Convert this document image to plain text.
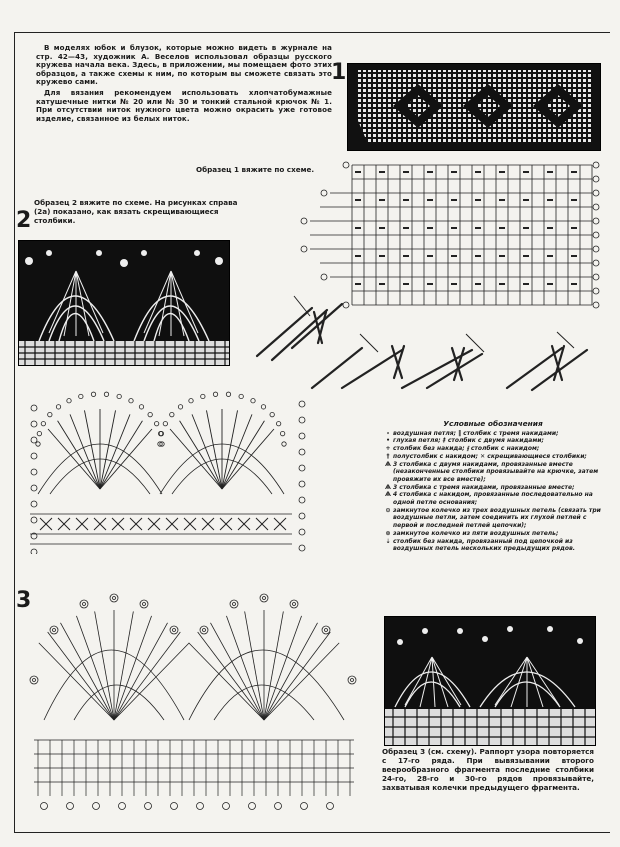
В моделях юбок и блузок, которые можно видеть в журнале на стр. 42—43, художник А. Веселов использовал образцы русского кружева начала века. Здесь, в приложении, мы помещаем фото этих образцов, а также схемы к ним, по которым вы сможете связать это кружево сами.

Для вязания рекомендуем использовать хлопчатобумажные катушечные нитки № 20 или № 30 и тонкий стальной крючок № 1. При отсутствии ниток нужного цвета можно окрасить уже готовое изделие, связанное из белых ниток.

1
Образец 1 вяжите по схеме.
2
Образец 2 вяжите по схеме. На рисунках справа (2а) показано, как вязать скрещивающиеся столбики.
Условные обозначения
∘ воздушная петля; ‖ столбик с тремя накидами;
• глухая петля; ‡ столбик с двумя накидами;
+ столбик без накида; ⫲ столбик с накидом;
† полустолбик с накидом; ✕ скрещивающиеся столбики;
Ѧ 3 столбика с двумя накидами, провязанные вместе (незаконченные столбики провязывайте на крючке, затем провяжите их все вместе);
Ѧ 3 столбика с тремя накидами, провязанные вместе;
Ѧ 4 столбика с накидом, провязанные последовательно на одной петле основания;
⊙ замкнутое колечко из трех воздушных петель (связать три воздушные петли, затем соединить их глухой петлей с первой и последней петлей цепочки);
⊚ замкнутое колечко из пяти воздушных петель;
⇣ столбик без накида, провязанный под цепочкой из воздушных петель нескольких предыдущих рядов.
3
Образец 3 (см. схему). Раппорт узора повторяется с 17-го ряда. При вывязывании второго веерообразного фрагмента последние столбики 24-го, 28-го и 30-го рядов провязывайте, захватывая колечки предыдущего фрагмента.
